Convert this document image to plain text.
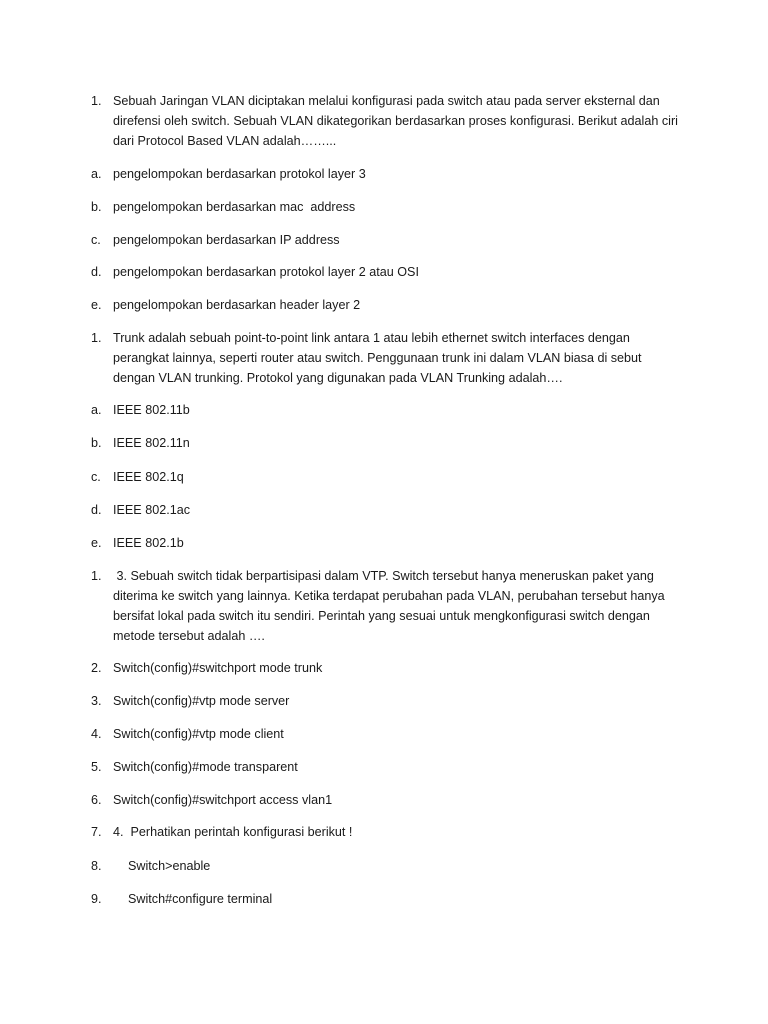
1. Sebuah Jaringan VLAN diciptakan melalui konfigurasi pada switch atau pada server eksternal dan direfensi oleh switch. Sebuah VLAN dikategorikan berdasarkan proses konfigurasi. Berikut adalah ciri dari Protocol Based VLAN adalah……...
a. pengelompokan berdasarkan protokol layer 3
b. pengelompokan berdasarkan mac  address
c. pengelompokan berdasarkan IP address
d. pengelompokan berdasarkan protokol layer 2 atau OSI
e. pengelompokan berdasarkan header layer 2
1. Trunk adalah sebuah point-to-point link antara 1 atau lebih ethernet switch interfaces dengan perangkat lainnya, seperti router atau switch. Penggunaan trunk ini dalam VLAN biasa di sebut dengan VLAN trunking. Protokol yang digunakan pada VLAN Trunking adalah….
a. IEEE 802.11b
b. IEEE 802.11n
c. IEEE 802.1q
d. IEEE 802.1ac
e. IEEE 802.1b
1. 3. Sebuah switch tidak berpartisipasi dalam VTP. Switch tersebut hanya meneruskan paket yang diterima ke switch yang lainnya. Ketika terdapat perubahan pada VLAN, perubahan tersebut hanya bersifat lokal pada switch itu sendiri. Perintah yang sesuai untuk mengkonfigurasi switch dengan metode tersebut adalah ….
2. Switch(config)#switchport mode trunk
3. Switch(config)#vtp mode server
4. Switch(config)#vtp mode client
5. Switch(config)#mode transparent
6. Switch(config)#switchport access vlan1
7. 4.  Perhatikan perintah konfigurasi berikut !
8. Switch>enable
9. Switch#configure terminal
